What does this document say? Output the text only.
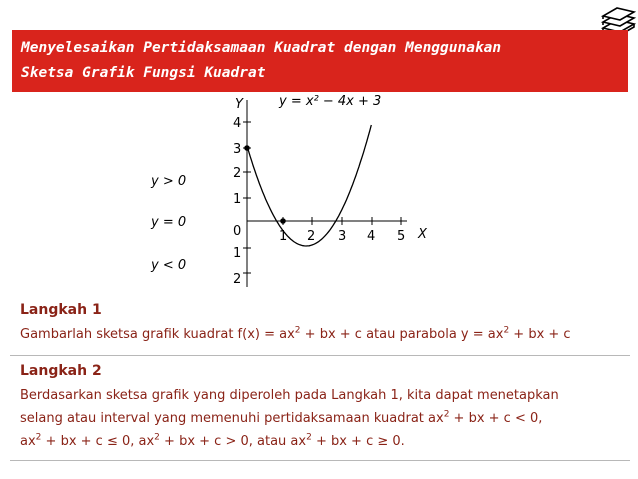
Menyelesaikan Pertidaksamaan Kuadrat dengan Menggunakan
Sketsa Grafik Fungsi Kuadrat
y = x² − 4x + 3
Y
X
1 2 3 4 5
4
3
2
1
0
1
2
y > 0
y = 0
y < 0
Langkah 1
Gambarlah sketsa grafik kuadrat $f(x) = ax^2$ + bx + c atau parabola $y = ax^2$ + bx + c
Langkah 2
Berdasarkan sketsa grafik yang diperoleh pada Langkah 1, kita dapat menetapkan
selang atau interval yang memenuhi pertidaksamaan kuadrat $ax^2$ + bx + c < 0,
$ax^2$ + bx + c ≤ 0, $ax^2$ + bx + c > 0, atau $ax^2$ + bx + c ≥ 0.
